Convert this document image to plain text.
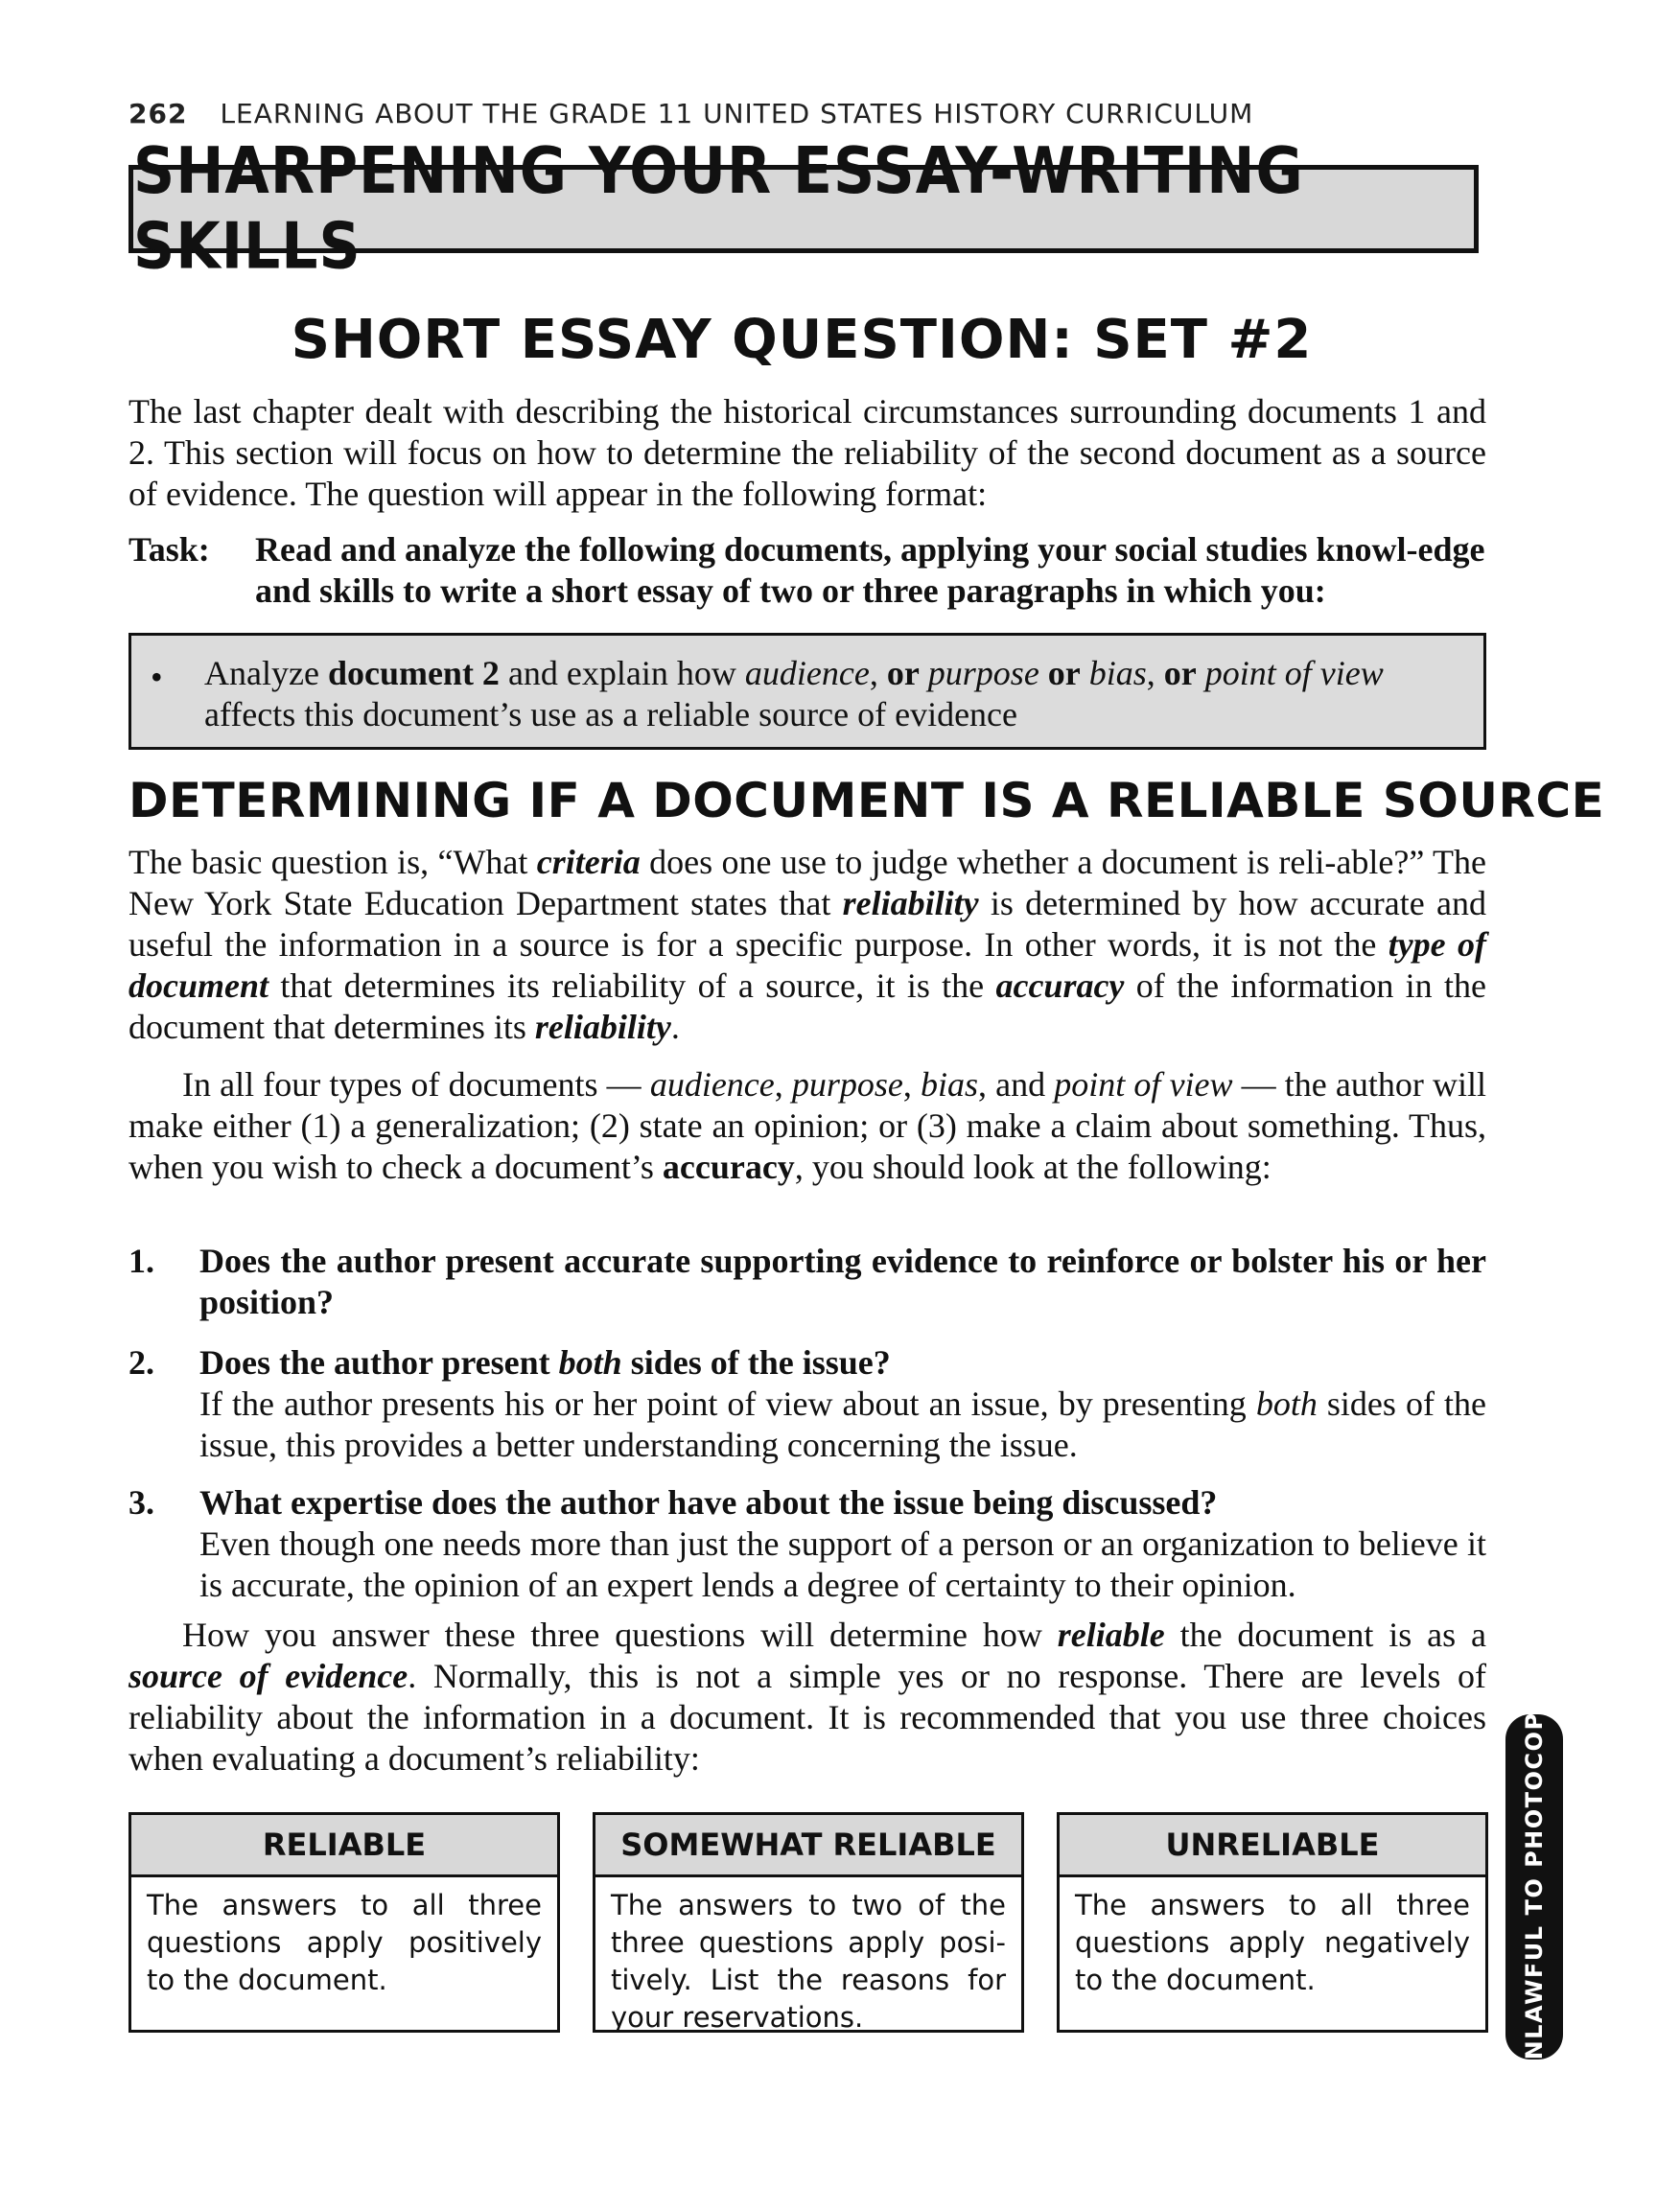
262 LEARNING ABOUT THE GRADE 11 UNITED STATES HISTORY CURRICULUM
SHARPENING YOUR ESSAY-WRITING SKILLS
SHORT ESSAY QUESTION: SET #2
The last chapter dealt with describing the historical circumstances surrounding documents 1 and 2. This section will focus on how to determine the reliability of the second document as a source of evidence. The question will appear in the following format:
Task: Read and analyze the following documents, applying your social studies knowl-edge and skills to write a short essay of two or three paragraphs in which you:
• Analyze document 2 and explain how audience, or purpose or bias, or point of view affects this document’s use as a reliable source of evidence
DETERMINING IF A DOCUMENT IS A RELIABLE SOURCE
The basic question is, “What criteria does one use to judge whether a document is reli-able?” The New York State Education Department states that reliability is determined by how accurate and useful the information in a source is for a specific purpose. In other words, it is not the type of document that determines its reliability of a source, it is the accuracy of the information in the document that determines its reliability.
In all four types of documents — audience, purpose, bias, and point of view — the author will make either (1) a generalization; (2) state an opinion; or (3) make a claim about something. Thus, when you wish to check a document’s accuracy, you should look at the following:
1. Does the author present accurate supporting evidence to reinforce or bolster his or her position?
2. Does the author present both sides of the issue?
If the author presents his or her point of view about an issue, by presenting both sides of the issue, this provides a better understanding concerning the issue.
3. What expertise does the author have about the issue being discussed?
Even though one needs more than just the support of a person or an organization to believe it is accurate, the opinion of an expert lends a degree of certainty to their opinion.
How you answer these three questions will determine how reliable the document is as a source of evidence. Normally, this is not a simple yes or no response. There are levels of reliability about the information in a document. It is recommended that you use three choices when evaluating a document’s reliability:
RELIABLE
The answers to all three questions apply positively to the document.
SOMEWHAT RELIABLE
The answers to two of the three questions apply posi-tively. List the reasons for your reservations.
UNRELIABLE
The answers to all three questions apply negatively to the document.	UNLAWFUL TO PHOTOCOPY
